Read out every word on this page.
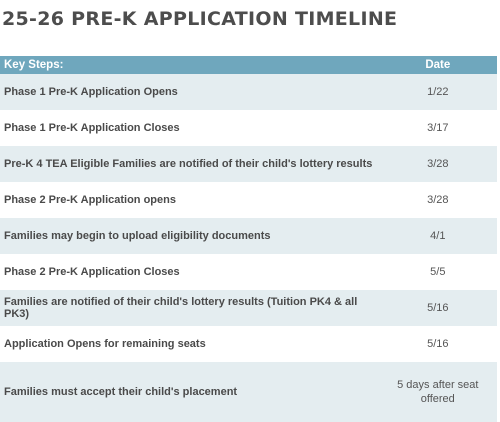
25-26 PRE-K APPLICATION TIMELINE
Key Steps:	Date
Phase 1 Pre-K Application Opens	1/22
Phase 1 Pre-K Application Closes	3/17
Pre-K 4 TEA Eligible Families are notified of their child's lottery results	3/28
Phase 2 Pre-K Application opens	3/28
Families may begin to upload eligibility documents	4/1
Phase 2 Pre-K Application Closes	5/5
Families are notified of their child's lottery results (Tuition PK4 & all PK3)	5/16
Application Opens for remaining seats	5/16
Families must accept their child's placement	5 days after seat offered
